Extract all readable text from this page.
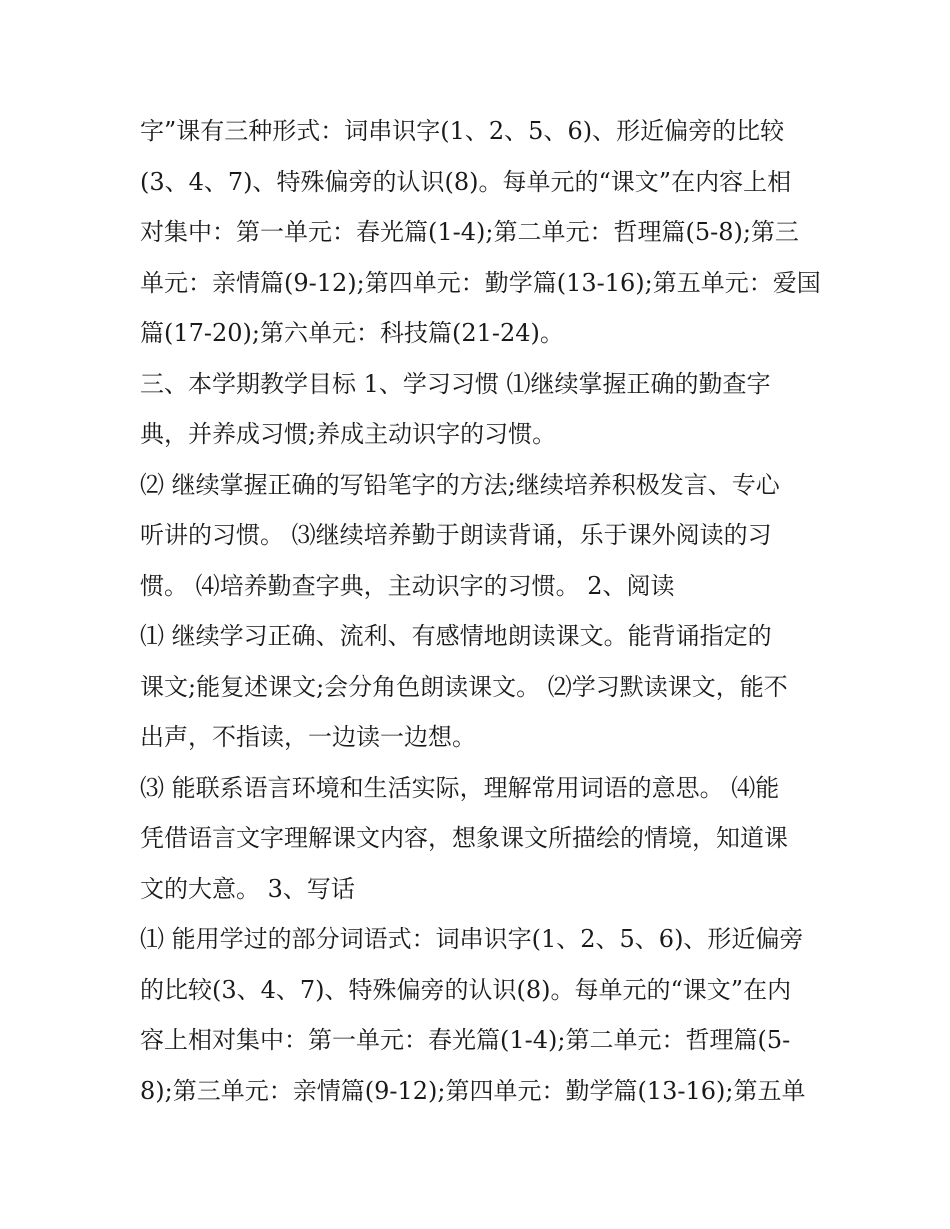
字”课有三种形式：词串识字(1、2、5、6)、形近偏旁的比较
(3、4、7)、特殊偏旁的认识(8)。每单元的“课文”在内容上相
对集中：第一单元：春光篇(1-4);第二单元：哲理篇(5-8);第三
单元：亲情篇(9-12);第四单元：勤学篇(13-16);第五单元：爱国
篇(17-20);第六单元：科技篇(21-24)。
三、本学期教学目标 1、学习习惯 ⑴继续掌握正确的勤查字
典，并养成习惯;养成主动识字的习惯。
⑵ 继续掌握正确的写铅笔字的方法;继续培养积极发言、专心
听讲的习惯。 ⑶继续培养勤于朗读背诵，乐于课外阅读的习
惯。 ⑷培养勤查字典，主动识字的习惯。 2、阅读
⑴ 继续学习正确、流利、有感情地朗读课文。能背诵指定的
课文;能复述课文;会分角色朗读课文。 ⑵学习默读课文，能不
出声，不指读，一边读一边想。
⑶ 能联系语言环境和生活实际，理解常用词语的意思。 ⑷能
凭借语言文字理解课文内容，想象课文所描绘的情境，知道课
文的大意。 3、写话
⑴ 能用学过的部分词语式：词串识字(1、2、5、6)、形近偏旁
的比较(3、4、7)、特殊偏旁的认识(8)。每单元的“课文”在内
容上相对集中：第一单元：春光篇(1-4);第二单元：哲理篇(5-
8);第三单元：亲情篇(9-12);第四单元：勤学篇(13-16);第五单
